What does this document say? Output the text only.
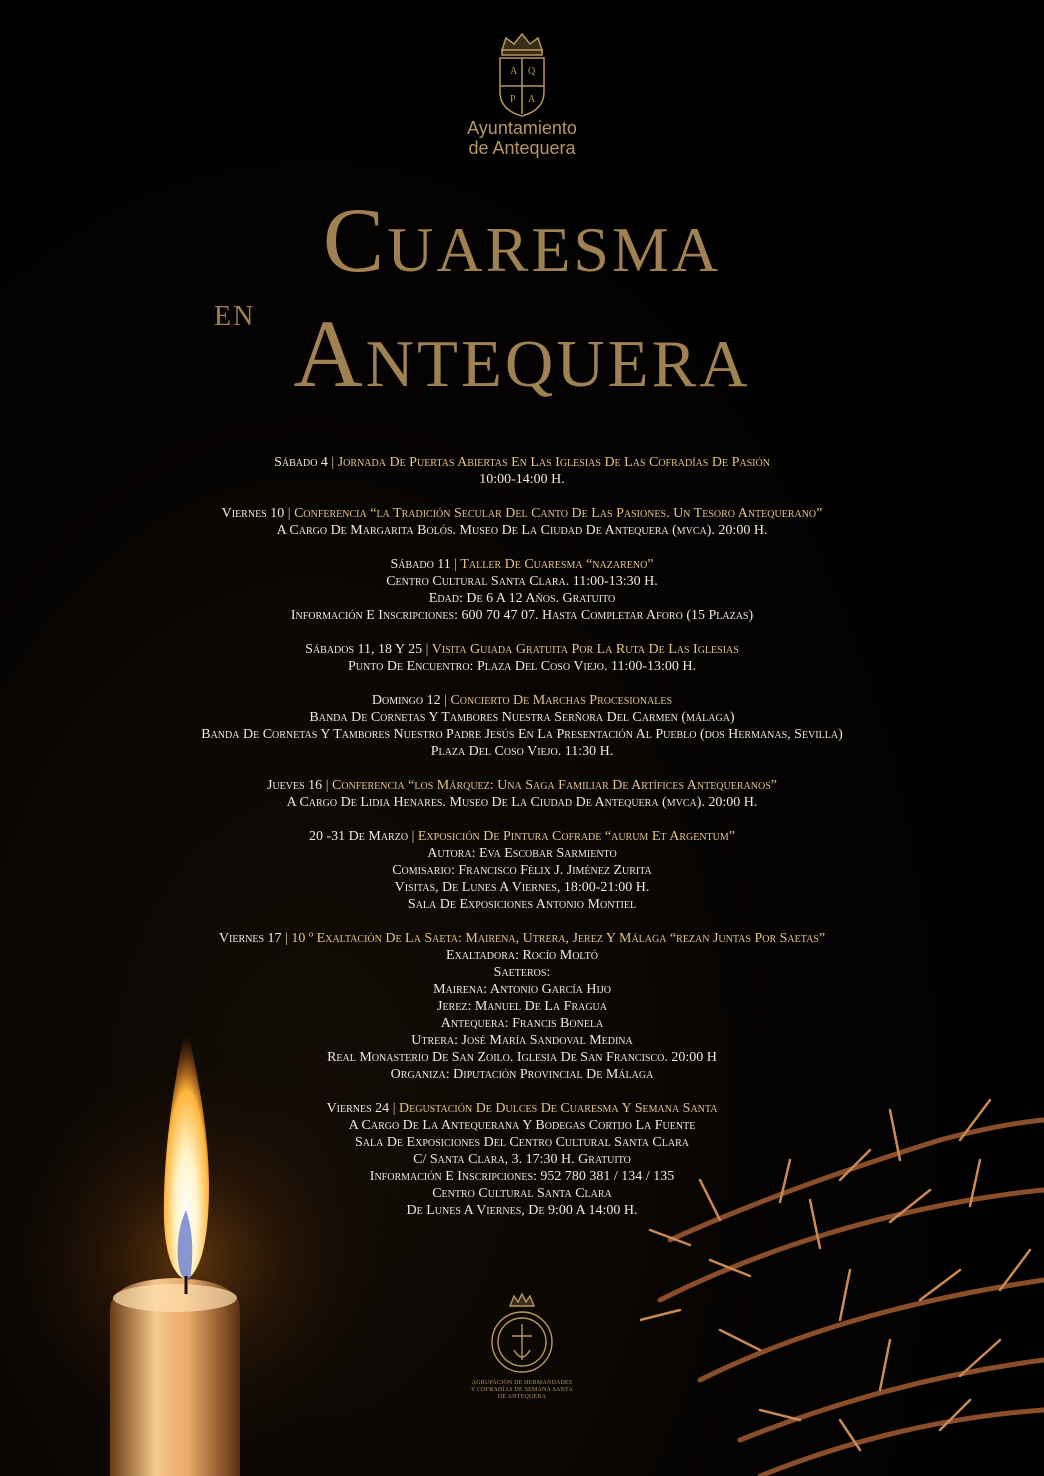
A Q
P A
Ayuntamiento
de Antequera
Cuaresma
en Antequera
Sábado 4 | Jornada De Puertas Abiertas En Las Iglesias De Las Cofradías De Pasión
10:00-14:00 H.
Viernes 10 | Conferencia “la Tradición Secular Del Canto De Las Pasiones. Un Tesoro Antequerano”
A Cargo De Margarita Bolós. Museo De La Ciudad De Antequera (mvca). 20:00 H.
Sábado 11 | Taller De Cuaresma “nazareno”
Centro Cultural Santa Clara. 11:00-13:30 H.
Edad: De 6 A 12 Años. Gratuito
Información E Inscripciones: 600 70 47 07. Hasta Completar Aforo (15 Plazas)
Sábados 11, 18 Y 25 | Visita Guiada Gratuita Por La Ruta De Las Iglesias
Punto De Encuentro: Plaza Del Coso Viejo. 11:00-13:00 H.
Domingo 12 | Concierto De Marchas Procesionales
Banda De Cornetas Y Tambores Nuestra Serñora Del Carmen (málaga)
Banda De Cornetas Y Tambores Nuestro Padre Jesús En La Presentación Al Pueblo (dos Hermanas, Sevilla)
Plaza Del Coso Viejo. 11:30 H.
Jueves 16 | Conferencia “los Márquez: Una Saga Familiar De Artífices Antequeranos”
A Cargo De Lidia Henares. Museo De La Ciudad De Antequera (mvca). 20:00 H.
20 -31 De Marzo | Exposición De Pintura Cofrade “aurum Et Argentum”
Autora: Eva Escobar Sarmiento
Comisario: Francisco Félix J. Jiménez Zurita
Visitas, De Lunes A Viernes, 18:00-21:00 H.
Sala De Exposiciones Antonio Montiel
Viernes 17 | 10 º Exaltación De La Saeta: Mairena, Utrera, Jerez Y Málaga “rezan Juntas Por Saetas”
Exaltadora: Rocío Moltó
Saeteros:
Mairena: Antonio García Hijo
Jerez: Manuel De La Fragua
Antequera: Francis Bonela
Utrera: José María Sandoval Medina
Real Monasterio De San Zoilo. Iglesia De San Francisco. 20:00 H
Organiza: Diputación Provincial De Málaga
Viernes 24 | Degustación De Dulces De Cuaresma Y Semana Santa
A Cargo De La Antequerana Y Bodegas Cortijo La Fuente
Sala De Exposiciones Del Centro Cultural Santa Clara
C/ Santa Clara, 3. 17:30 H. Gratuito
Información E Inscripciones: 952 780 381 / 134 / 135
Centro Cultural Santa Clara
De Lunes A Viernes, De 9:00 A 14:00 H.
AGRUPACIÓN DE HERMANDADES
Y COFRADÍAS DE SEMANA SANTA
DE ANTEQUERA
